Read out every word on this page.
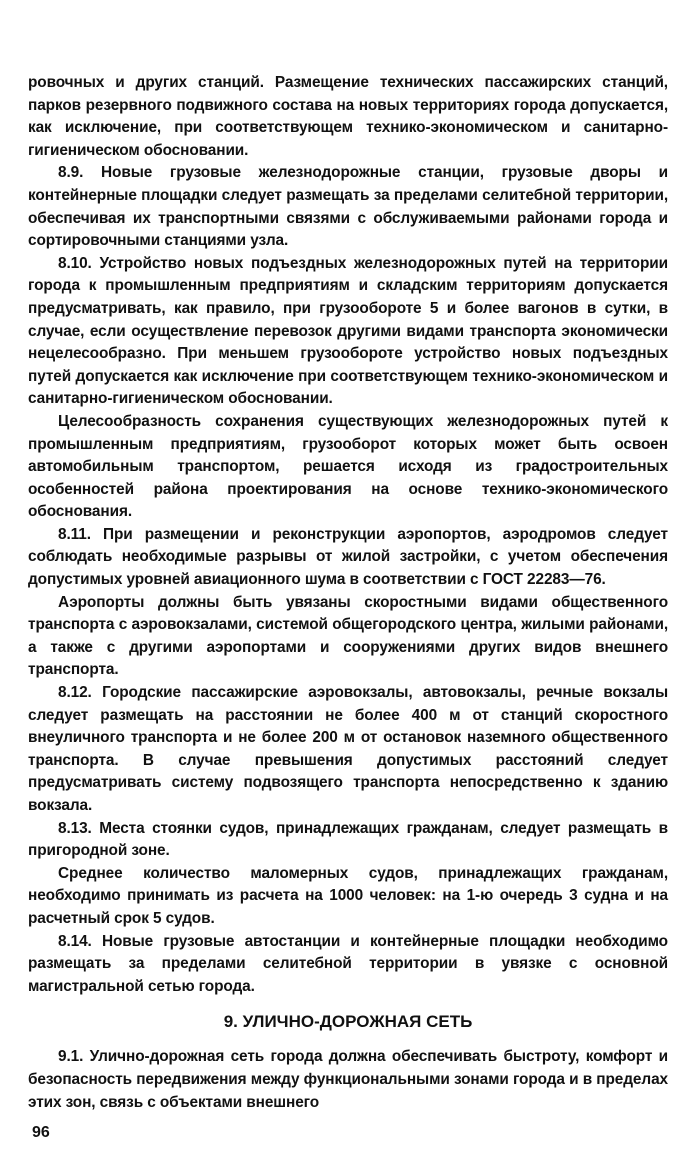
ровочных и других станций. Размещение технических пассажирских станций, парков резервного подвижного состава на новых территориях города допускается, как исключение, при соответствующем технико-экономическом и санитарно-гигиеническом обосновании.

8.9. Новые грузовые железнодорожные станции, грузовые дворы и контейнерные площадки следует размещать за пределами селитебной территории, обеспечивая их транспортными связями с обслуживаемыми районами города и сортировочными станциями узла.

8.10. Устройство новых подъездных железнодорожных путей на территории города к промышленным предприятиям и складским территориям допускается предусматривать, как правило, при грузообороте 5 и более вагонов в сутки, в случае, если осуществление перевозок другими видами транспорта экономически нецелесообразно. При меньшем грузообороте устройство новых подъездных путей допускается как исключение при соответствующем технико-экономическом и санитарно-гигиеническом обосновании.

Целесообразность сохранения существующих железнодорожных путей к промышленным предприятиям, грузооборот которых может быть освоен автомобильным транспортом, решается исходя из градостроительных особенностей района проектирования на основе технико-экономического обоснования.

8.11. При размещении и реконструкции аэропортов, аэродромов следует соблюдать необходимые разрывы от жилой застройки, с учетом обеспечения допустимых уровней авиационного шума в соответствии с ГОСТ 22283—76.

Аэропорты должны быть увязаны скоростными видами общественного транспорта с аэровокзалами, системой общегородского центра, жилыми районами, а также с другими аэропортами и сооружениями других видов внешнего транспорта.

8.12. Городские пассажирские аэровокзалы, автовокзалы, речные вокзалы следует размещать на расстоянии не более 400 м от станций скоростного внеуличного транспорта и не более 200 м от остановок наземного общественного транспорта. В случае превышения допустимых расстояний следует предусматривать систему подвозящего транспорта непосредственно к зданию вокзала.

8.13. Места стоянки судов, принадлежащих гражданам, следует размещать в пригородной зоне.

Среднее количество маломерных судов, принадлежащих гражданам, необходимо принимать из расчета на 1000 человек: на 1-ю очередь 3 судна и на расчетный срок 5 судов.

8.14. Новые грузовые автостанции и контейнерные площадки необходимо размещать за пределами селитебной территории в увязке с основной магистральной сетью города.

9. УЛИЧНО-ДОРОЖНАЯ СЕТЬ

9.1. Улично-дорожная сеть города должна обеспечивать быстроту, комфорт и безопасность передвижения между функциональными зонами города и в пределах этих зон, связь с объектами внешнего

96
